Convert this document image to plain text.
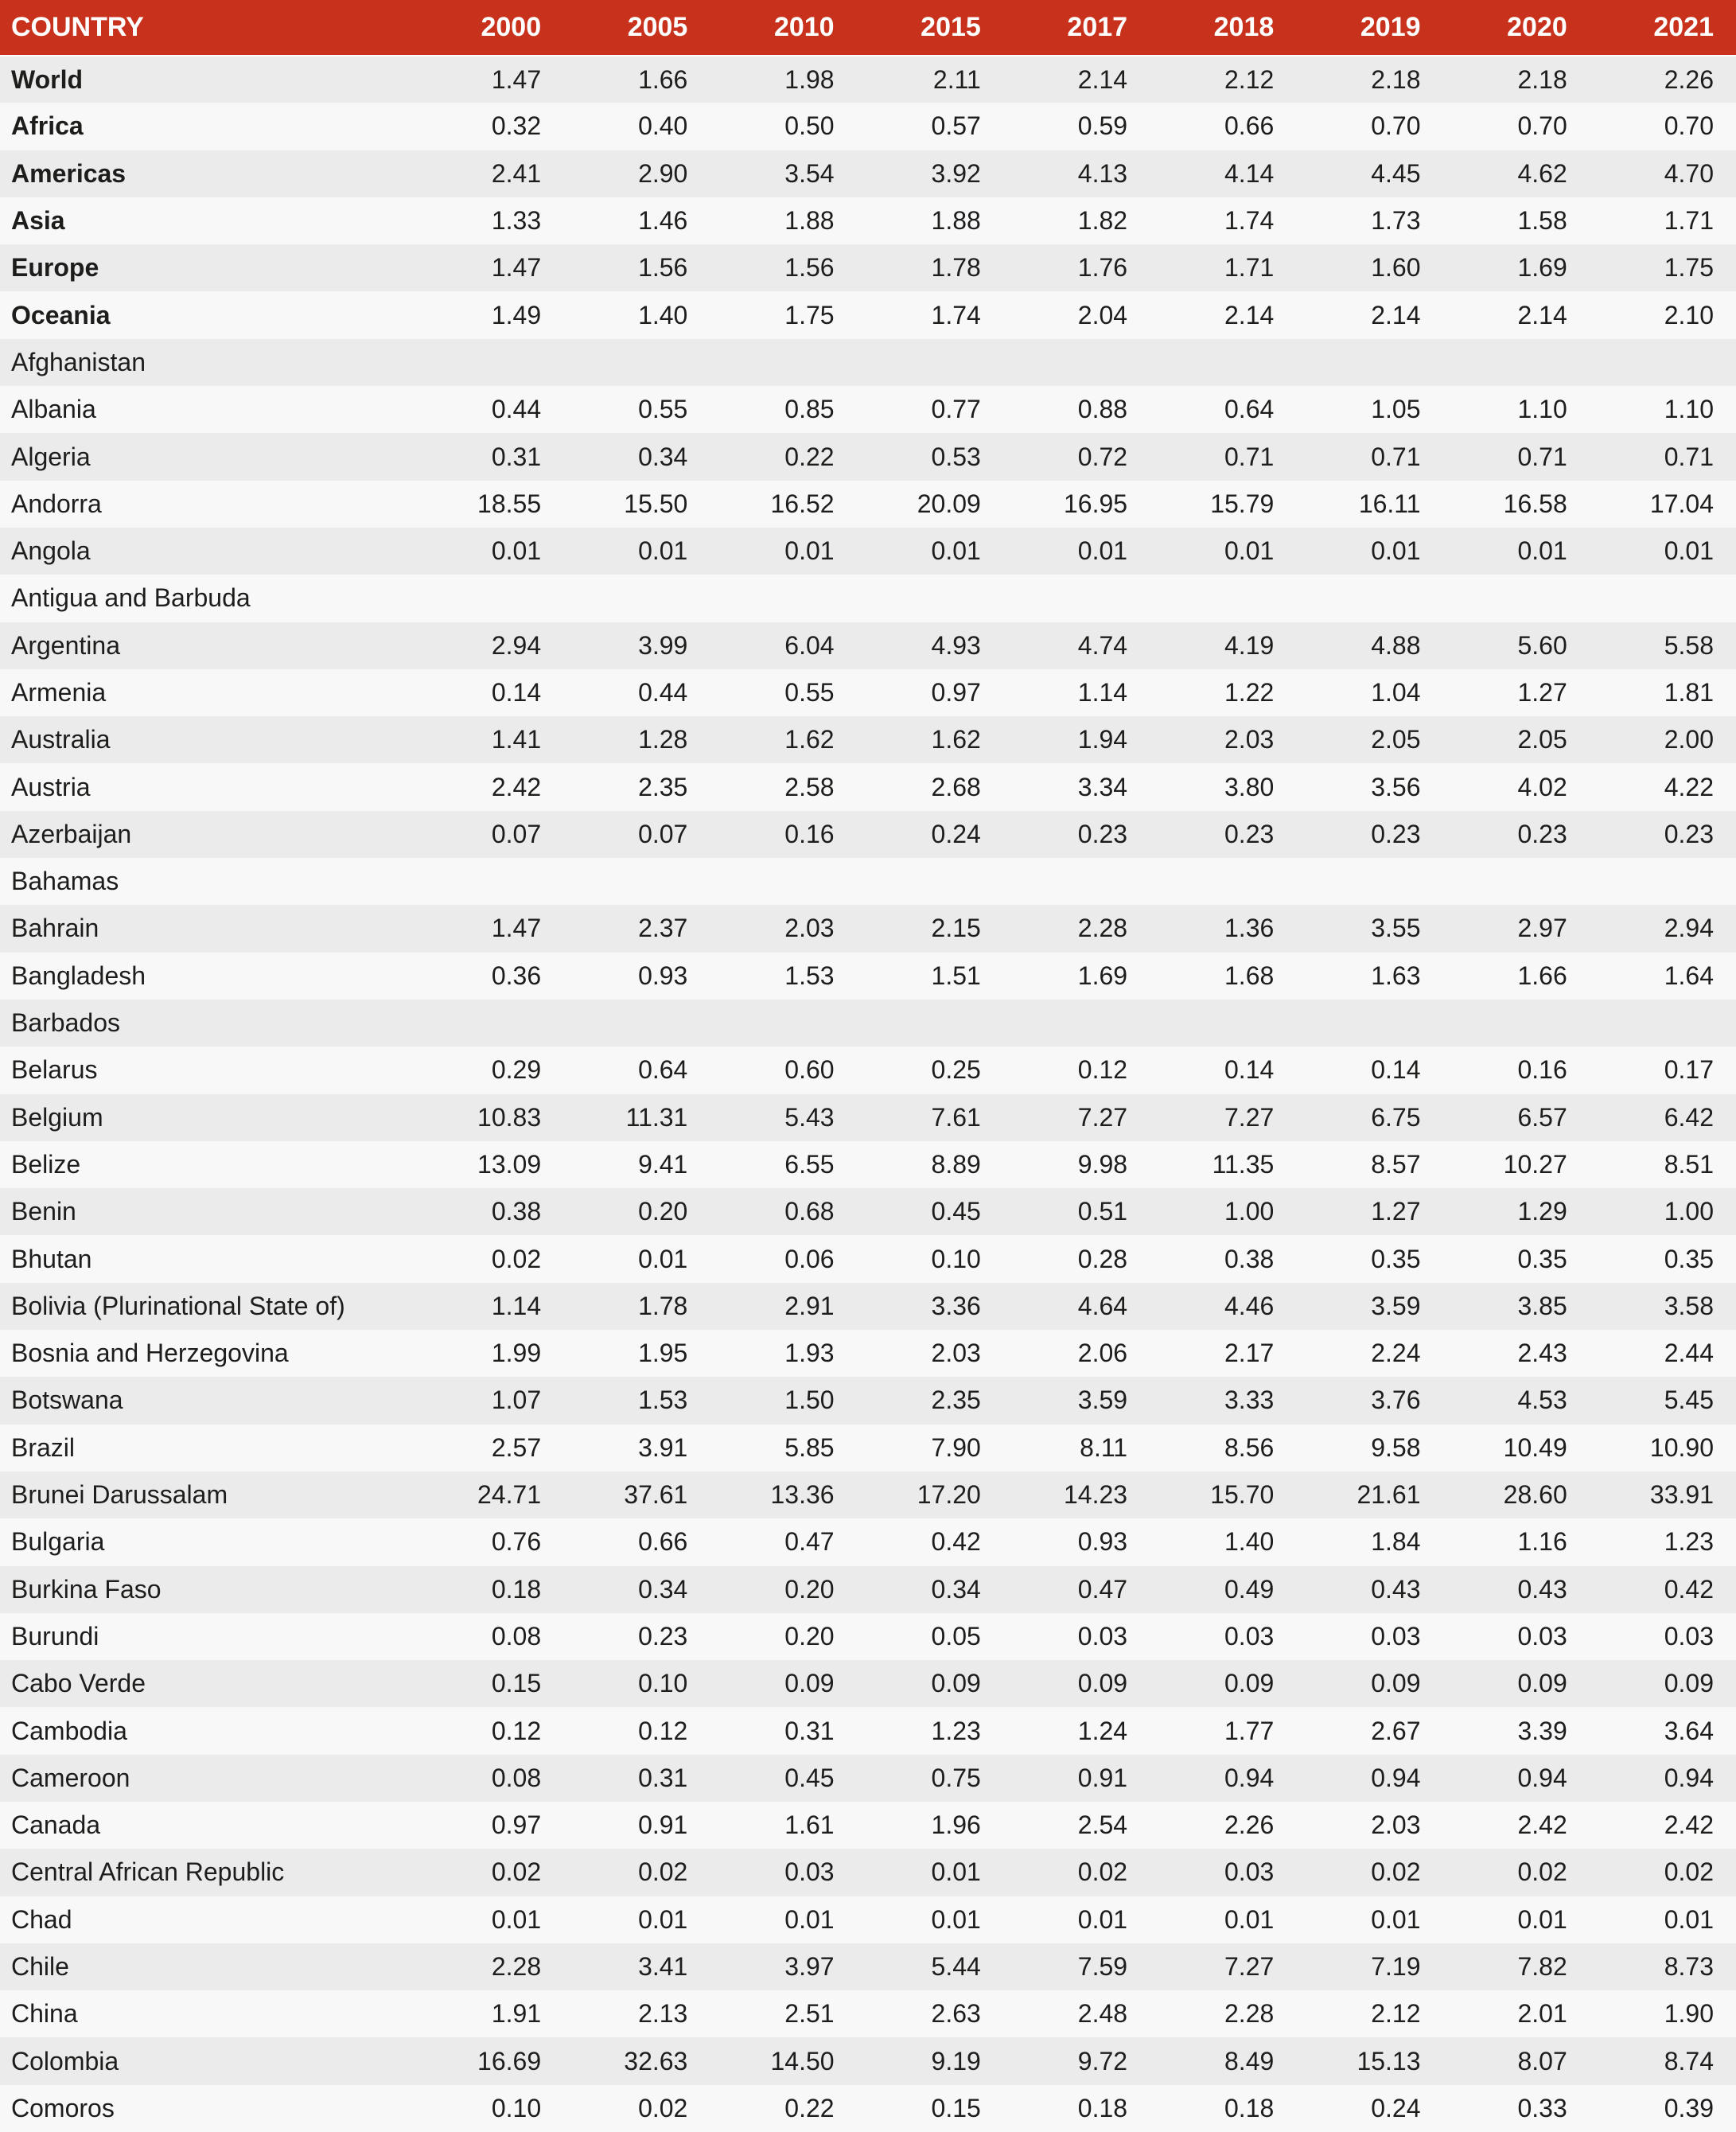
COUNTRY	2000	2005	2010	2015	2017	2018	2019	2020	2021
World	1.47	1.66	1.98	2.11	2.14	2.12	2.18	2.18	2.26
Africa	0.32	0.40	0.50	0.57	0.59	0.66	0.70	0.70	0.70
Americas	2.41	2.90	3.54	3.92	4.13	4.14	4.45	4.62	4.70
Asia	1.33	1.46	1.88	1.88	1.82	1.74	1.73	1.58	1.71
Europe	1.47	1.56	1.56	1.78	1.76	1.71	1.60	1.69	1.75
Oceania	1.49	1.40	1.75	1.74	2.04	2.14	2.14	2.14	2.10
Afghanistan									
Albania	0.44	0.55	0.85	0.77	0.88	0.64	1.05	1.10	1.10
Algeria	0.31	0.34	0.22	0.53	0.72	0.71	0.71	0.71	0.71
Andorra	18.55	15.50	16.52	20.09	16.95	15.79	16.11	16.58	17.04
Angola	0.01	0.01	0.01	0.01	0.01	0.01	0.01	0.01	0.01
Antigua and Barbuda									
Argentina	2.94	3.99	6.04	4.93	4.74	4.19	4.88	5.60	5.58
Armenia	0.14	0.44	0.55	0.97	1.14	1.22	1.04	1.27	1.81
Australia	1.41	1.28	1.62	1.62	1.94	2.03	2.05	2.05	2.00
Austria	2.42	2.35	2.58	2.68	3.34	3.80	3.56	4.02	4.22
Azerbaijan	0.07	0.07	0.16	0.24	0.23	0.23	0.23	0.23	0.23
Bahamas									
Bahrain	1.47	2.37	2.03	2.15	2.28	1.36	3.55	2.97	2.94
Bangladesh	0.36	0.93	1.53	1.51	1.69	1.68	1.63	1.66	1.64
Barbados									
Belarus	0.29	0.64	0.60	0.25	0.12	0.14	0.14	0.16	0.17
Belgium	10.83	11.31	5.43	7.61	7.27	7.27	6.75	6.57	6.42
Belize	13.09	9.41	6.55	8.89	9.98	11.35	8.57	10.27	8.51
Benin	0.38	0.20	0.68	0.45	0.51	1.00	1.27	1.29	1.00
Bhutan	0.02	0.01	0.06	0.10	0.28	0.38	0.35	0.35	0.35
Bolivia (Plurinational State of)	1.14	1.78	2.91	3.36	4.64	4.46	3.59	3.85	3.58
Bosnia and Herzegovina	1.99	1.95	1.93	2.03	2.06	2.17	2.24	2.43	2.44
Botswana	1.07	1.53	1.50	2.35	3.59	3.33	3.76	4.53	5.45
Brazil	2.57	3.91	5.85	7.90	8.11	8.56	9.58	10.49	10.90
Brunei Darussalam	24.71	37.61	13.36	17.20	14.23	15.70	21.61	28.60	33.91
Bulgaria	0.76	0.66	0.47	0.42	0.93	1.40	1.84	1.16	1.23
Burkina Faso	0.18	0.34	0.20	0.34	0.47	0.49	0.43	0.43	0.42
Burundi	0.08	0.23	0.20	0.05	0.03	0.03	0.03	0.03	0.03
Cabo Verde	0.15	0.10	0.09	0.09	0.09	0.09	0.09	0.09	0.09
Cambodia	0.12	0.12	0.31	1.23	1.24	1.77	2.67	3.39	3.64
Cameroon	0.08	0.31	0.45	0.75	0.91	0.94	0.94	0.94	0.94
Canada	0.97	0.91	1.61	1.96	2.54	2.26	2.03	2.42	2.42
Central African Republic	0.02	0.02	0.03	0.01	0.02	0.03	0.02	0.02	0.02
Chad	0.01	0.01	0.01	0.01	0.01	0.01	0.01	0.01	0.01
Chile	2.28	3.41	3.97	5.44	7.59	7.27	7.19	7.82	8.73
China	1.91	2.13	2.51	2.63	2.48	2.28	2.12	2.01	1.90
Colombia	16.69	32.63	14.50	9.19	9.72	8.49	15.13	8.07	8.74
Comoros	0.10	0.02	0.22	0.15	0.18	0.18	0.24	0.33	0.39
